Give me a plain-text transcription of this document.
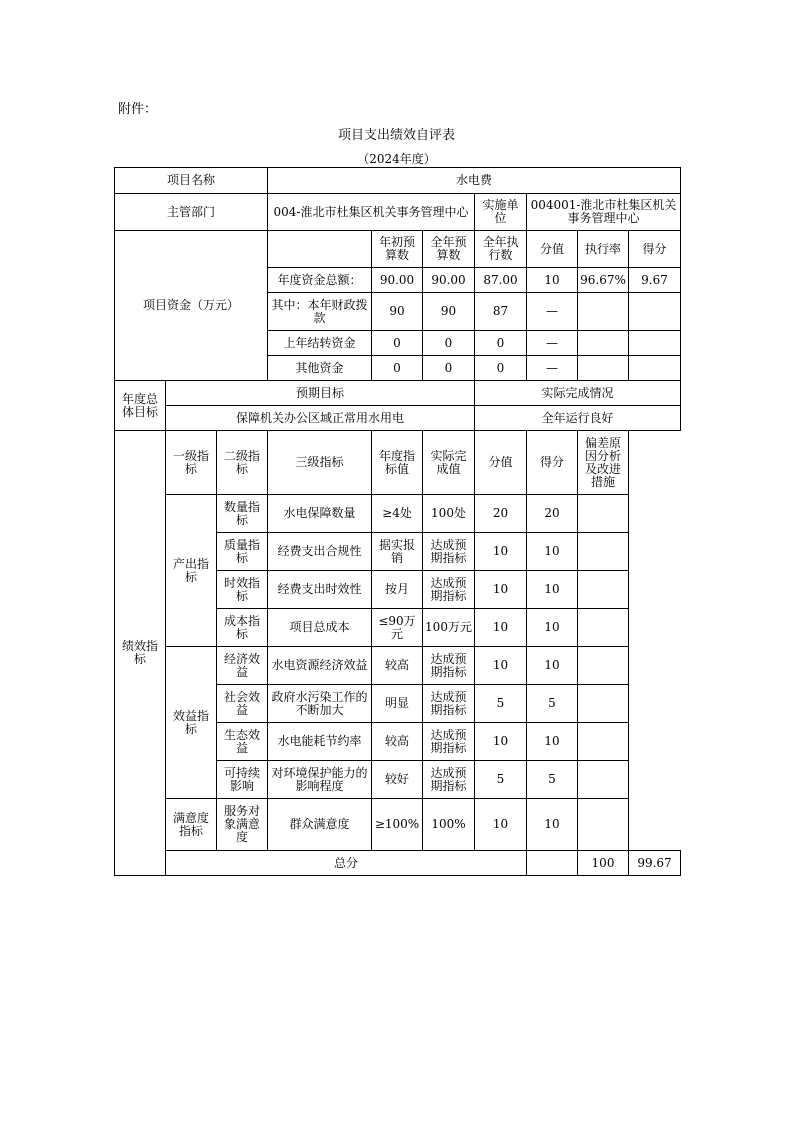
附件：
项目支出绩效自评表
（2024年度）
项目名称			水电费							
主管部门			004-淮北市杜集区机关事务管理中心			实施单位	004001-淮北市杜集区机关事务管理中心			
项目资金（万元）				年初预算数	全年预算数	全年执行数	分值	执行率	得分	
			年度资金总额：	90.00	90.00	87.00	10	96.67%	9.67	
			其中：本年财政拨款	90	90	87	—			
			上年结转资金	0	0	0	—			
			其他资金	0	0	0	—			
年度总体目标	预期目标					实际完成情况				
	保障机关办公区域正常用水用电					全年运行良好				
绩效指标	一级指标	二级指标	三级指标	年度指标值	实际完成值	分值	得分	偏差原因分析及改进措施		
	产出指标	数量指标	水电保障数量	≥4处	100处	20	20			
		质量指标	经费支出合规性	据实报销	达成预期指标	10	10			
		时效指标	经费支出时效性	按月	达成预期指标	10	10			
		成本指标	项目总成本	≤90万元	100万元	10	10			
	效益指标	经济效益	水电资源经济效益	较高	达成预期指标	10	10			
		社会效益	政府水污染工作的不断加大	明显	达成预期指标	5	5			
		生态效益	水电能耗节约率	较高	达成预期指标	10	10			
		可持续影响	对环境保护能力的影响程度	较好	达成预期指标	5	5			
	满意度指标	服务对象满意度	群众满意度	≥100%	100%	10	10			
	总分							100	99.67	
